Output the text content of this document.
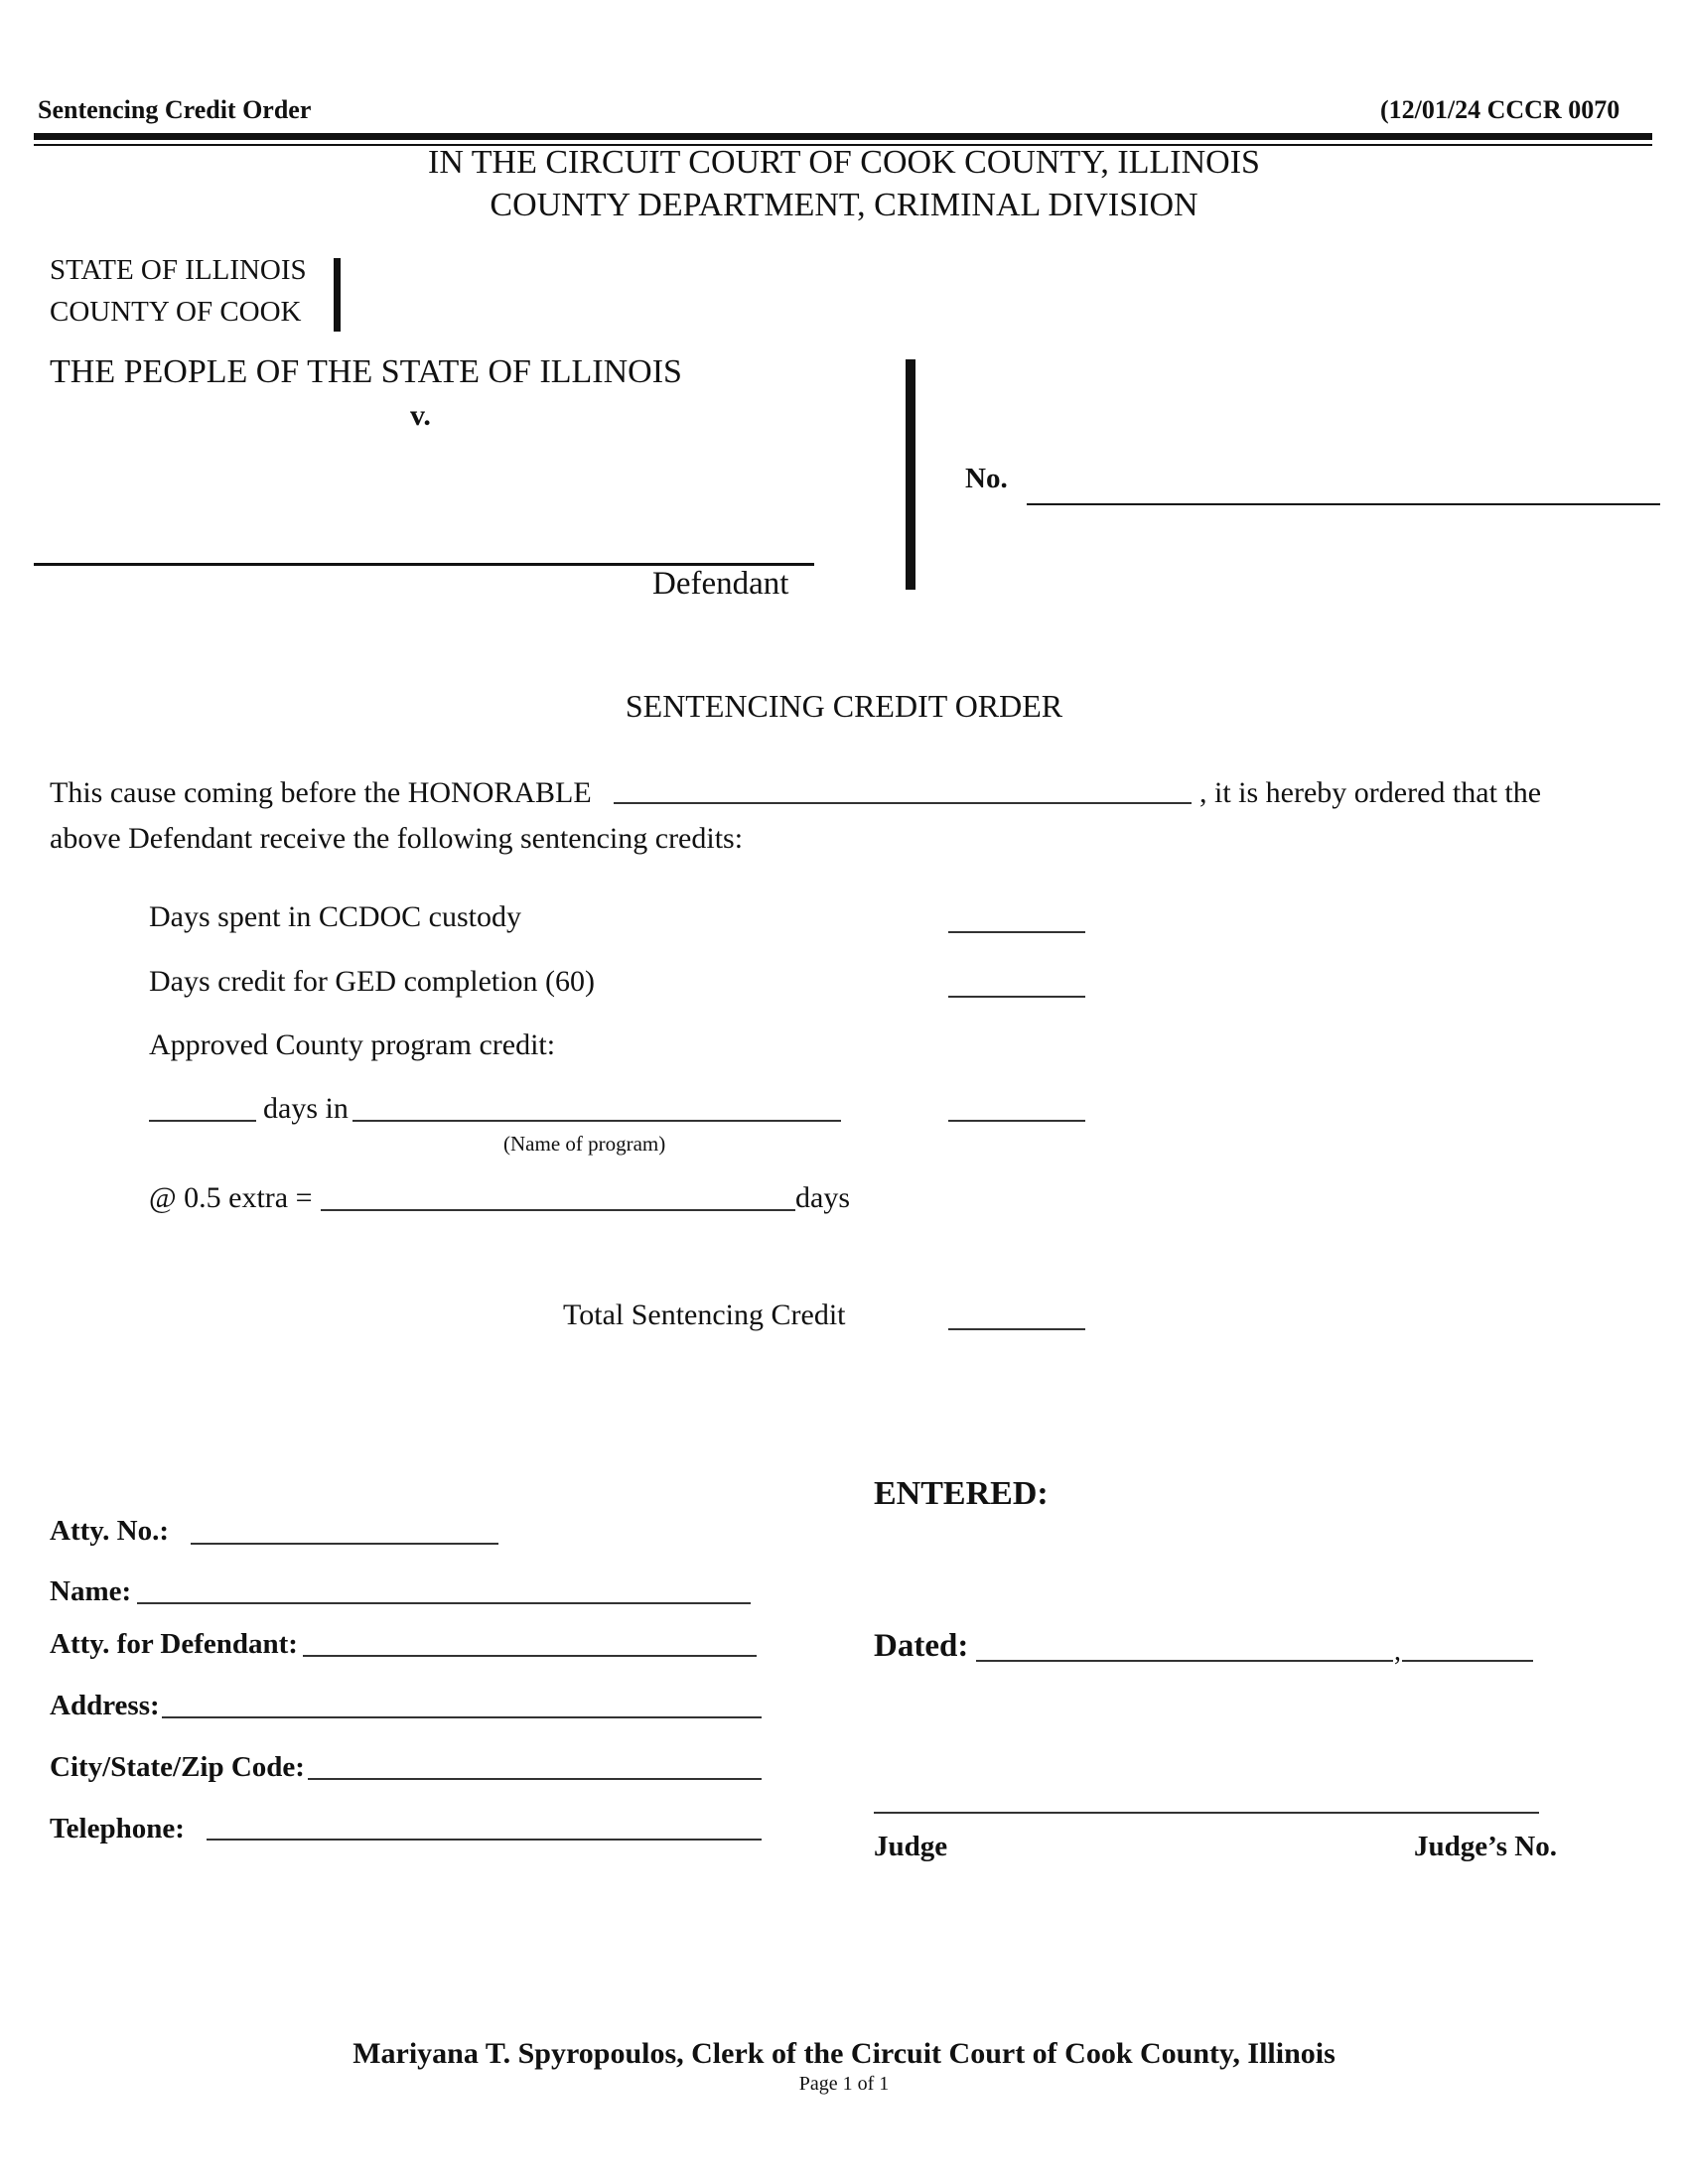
Sentencing Credit Order	(12/01/24 CCCR 0070
IN THE CIRCUIT COURT OF COOK COUNTY, ILLINOIS
COUNTY DEPARTMENT, CRIMINAL DIVISION
STATE OF ILLINOIS
COUNTY OF COOK
THE PEOPLE OF THE STATE OF ILLINOIS
v.
Defendant
No.
SENTENCING CREDIT ORDER
This cause coming before the HONORABLE	, it is hereby ordered that the
above Defendant receive the following sentencing credits:
Days spent in CCDOC custody
Days credit for GED completion (60)
Approved County program credit:
days in
(Name of program)
@ 0.5 extra =	days
Total Sentencing Credit
Atty. No.:
Name:
Atty. for Defendant:
Address:
City/State/Zip Code:
Telephone:
ENTERED:
Dated:	,
Judge	Judge’s No.
Mariyana T. Spyropoulos, Clerk of the Circuit Court of Cook County, Illinois
Page 1 of 1
